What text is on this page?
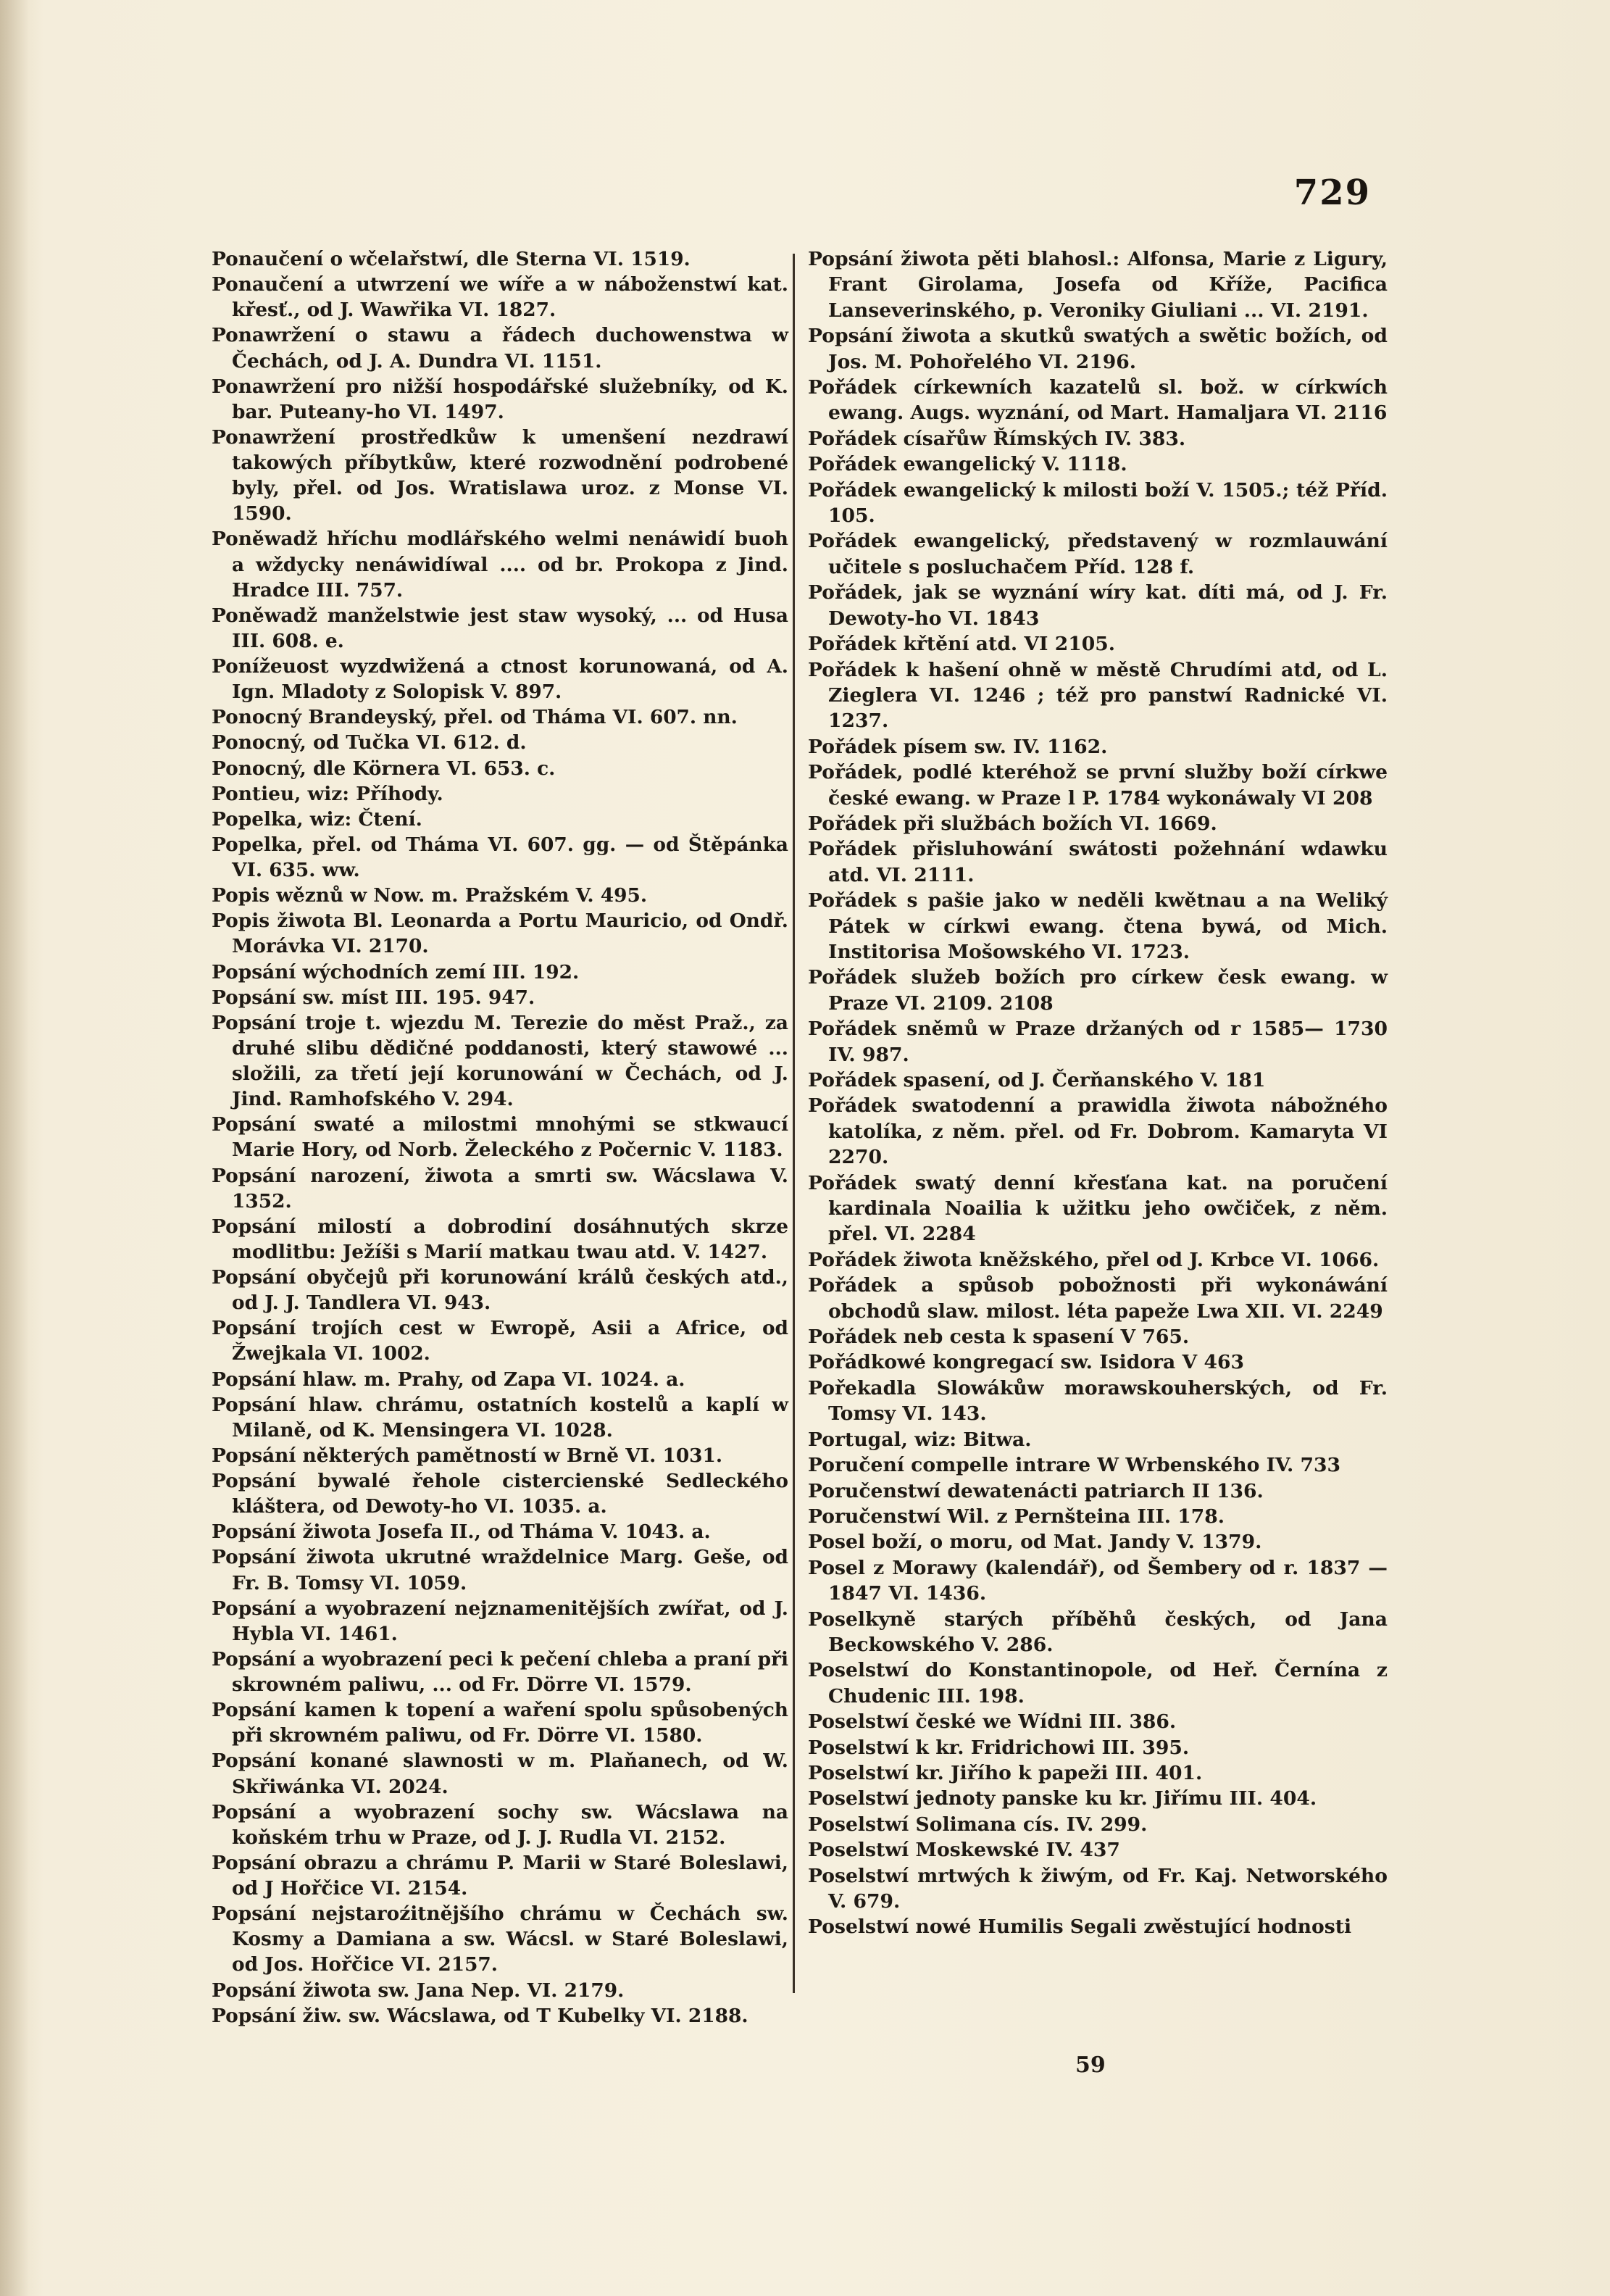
729

Ponaučení o wčelařstwí, dle Sterna VI. 1519.

Ponaučení a utwrzení we wíře a w náboženstwí kat. křesť., od J. Wawřika VI. 1827.

Ponawržení o stawu a řádech duchowenstwa w Čechách, od J. A. Dundra VI. 1151.

Ponawržení pro nižší hospodářské služebníky, od K. bar. Puteany-ho VI. 1497.

Ponawržení prostředkůw k umenšení nezdrawí takowých příbytkůw, které rozwodnění podrobené byly, přel. od Jos. Wratislawa uroz. z Monse VI. 1590.

Poněwadž hříchu modlářského welmi nenáwidí buoh a wždycky nenáwidíwal .... od br. Prokopa z Jind. Hradce III. 757.

Poněwadž manželstwie jest staw wysoký, ... od Husa III. 608. e.

Ponížeuost wyzdwižená a ctnost korunowaná, od A. Ign. Mladoty z Solopisk V. 897.

Ponocný Brandeyský, přel. od Tháma VI. 607. nn.

Ponocný, od Tučka VI. 612. d.

Ponocný, dle Körnera VI. 653. c.

Pontieu, wiz: Příhody.

Popelka, wiz: Čtení.

Popelka, přel. od Tháma VI. 607. gg. — od Štěpánka VI. 635. ww.

Popis wěznů w Now. m. Pražském V. 495.

Popis žiwota Bl. Leonarda a Portu Mauricio, od Ondř. Morávka VI. 2170.

Popsání wýchodních zemí III. 192.

Popsání sw. míst III. 195. 947.

Popsání troje t. wjezdu M. Terezie do měst Praž., za druhé slibu dědičné poddanosti, který stawowé ... složili, za třetí její korunowání w Čechách, od J. Jind. Ramhofského V. 294.

Popsání swaté a milostmi mnohými se stkwaucí Marie Hory, od Norb. Želeckého z Počernic V. 1183.

Popsání narození, žiwota a smrti sw. Wácslawa V. 1352.

Popsání milostí a dobrodiní dosáhnutých skrze modlitbu: Ježíši s Marií matkau twau atd. V. 1427.

Popsání obyčejů při korunowání králů českých atd., od J. J. Tandlera VI. 943.

Popsání trojích cest w Ewropě, Asii a Africe, od Žwejkala VI. 1002.

Popsání hlaw. m. Prahy, od Zapa VI. 1024. a.

Popsání hlaw. chrámu, ostatních kostelů a kaplí w Milaně, od K. Mensingera VI. 1028.

Popsání některých pamětností w Brně VI. 1031.

Popsání bywalé řehole cistercienské Sedleckého kláštera, od Dewoty-ho VI. 1035. a.

Popsání žiwota Josefa II., od Tháma V. 1043. a.

Popsání žiwota ukrutné wraždelnice Marg. Geše, od Fr. B. Tomsy VI. 1059.

Popsání a wyobrazení nejznamenitějších zwířat, od J. Hybla VI. 1461.

Popsání a wyobrazení peci k pečení chleba a praní při skrowném paliwu, ... od Fr. Dörre VI. 1579.

Popsání kamen k topení a waření spolu spůsobených při skrowném paliwu, od Fr. Dörre VI. 1580.

Popsání konané slawnosti w m. Plaňanech, od W. Skřiwánka VI. 2024.

Popsání a wyobrazení sochy sw. Wácslawa na koňském trhu w Praze, od J. J. Rudla VI. 2152.

Popsání obrazu a chrámu P. Marii w Staré Boleslawi, od J Hořčice VI. 2154.

Popsání nejstaroźitnějšího chrámu w Čechách sw. Kosmy a Damiana a sw. Wácsl. w Staré Boleslawi, od Jos. Hořčice VI. 2157.

Popsání žiwota sw. Jana Nep. VI. 2179.

Popsání žiw. sw. Wácslawa, od T Kubelky VI. 2188.

Popsání žiwota pěti blahosl.: Alfonsa, Marie z Ligury, Frant Girolama, Josefa od Kříže, Pacifica Lanseverinského, p. Veroniky Giuliani ... VI. 2191.

Popsání žiwota a skutků swatých a swětic božích, od Jos. M. Pohořelého VI. 2196.

Pořádek církewních kazatelů sl. bož. w církwích ewang. Augs. wyznání, od Mart. Hamaljara VI. 2116

Pořádek císařůw Římských IV. 383.

Pořádek ewangelický V. 1118.

Pořádek ewangelický k milosti boží V. 1505.; též Příd. 105.

Pořádek ewangelický, představený w rozmlauwání učitele s posluchačem Příd. 128 f.

Pořádek, jak se wyznání wíry kat. díti má, od J. Fr. Dewoty-ho VI. 1843

Pořádek křtění atd. VI 2105.

Pořádek k hašení ohně w městě Chrudími atd, od L. Zieglera VI. 1246 ; též pro panstwí Radnické VI. 1237.

Pořádek písem sw. IV. 1162.

Pořádek, podlé kteréhož se první služby boží církwe české ewang. w Praze l P. 1784 wykonáwaly VI 208

Pořádek při službách božích VI. 1669.

Pořádek přisluhowání swátosti požehnání wdawku atd. VI. 2111.

Pořádek s pašie jako w neděli kwětnau a na Weliký Pátek w církwi ewang. čtena bywá, od Mich. Institorisa Mošowského VI. 1723.

Pořádek služeb božích pro církew česk ewang. w Praze VI. 2109. 2108

Pořádek sněmů w Praze držaných od r 1585— 1730 IV. 987.

Pořádek spasení, od J. Čerňanského V. 181

Pořádek swatodenní a prawidla žiwota nábožného katolíka, z něm. přel. od Fr. Dobrom. Kamaryta VI 2270.

Pořádek swatý denní křesťana kat. na poručení kardinala Noailia k užitku jeho owčiček, z něm. přel. VI. 2284

Pořádek žiwota kněžského, přel od J. Krbce VI. 1066.

Pořádek a spůsob pobožnosti při wykonáwání obchodů slaw. milost. léta papeže Lwa XII. VI. 2249

Pořádek neb cesta k spasení V 765.

Pořádkowé kongregací sw. Isidora V 463

Pořekadla Slowákůw morawskouherských, od Fr. Tomsy VI. 143.

Portugal, wiz: Bitwa.

Poručení compelle intrare W Wrbenského IV. 733

Poručenstwí dewatenácti patriarch II 136.

Poručenstwí Wil. z Pernšteina III. 178.

Posel boží, o moru, od Mat. Jandy V. 1379.

Posel z Morawy (kalendář), od Šembery od r. 1837 — 1847 VI. 1436.

Poselkyně starých příběhů českých, od Jana Beckowského V. 286.

Poselstwí do Konstantinopole, od Heř. Černína z Chudenic III. 198.

Poselstwí české we Wídni III. 386.

Poselstwí k kr. Fridrichowi III. 395.

Poselstwí kr. Jiřího k papeži III. 401.

Poselstwí jednoty panske ku kr. Jiřímu III. 404.

Poselstwí Solimana cís. IV. 299.

Poselstwí Moskewské IV. 437

Poselstwí mrtwých k žiwým, od Fr. Kaj. Networského V. 679.

Poselstwí nowé Humilis Segali zwěstující hodnosti

59
